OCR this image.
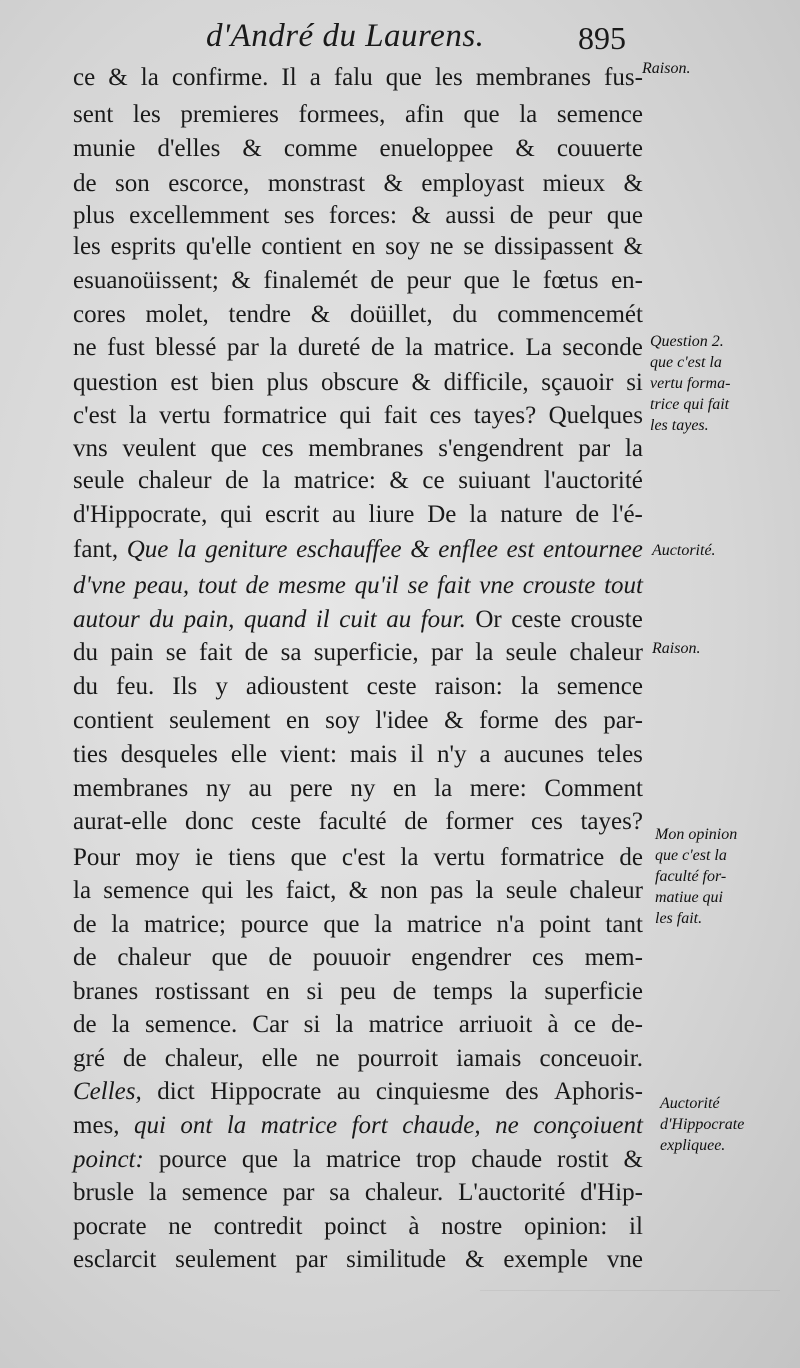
d'André du Laurens.	895
ce & la confirme. Il a falu que les membranes fus-
sent les premieres formees, afin que la semence
munie d'elles & comme enueloppee & couuerte
de son escorce, monstrast & employast mieux &
plus excellemment ses forces: & aussi de peur que
les esprits qu'elle contient en soy ne se dissipassent &
esuanoüissent; & finalemét de peur que le fœtus en-
cores molet, tendre & doüillet, du commencemét
ne fust blessé par la dureté de la matrice. La seconde
question est bien plus obscure & difficile, sçauoir si
c'est la vertu formatrice qui fait ces tayes? Quelques
vns veulent que ces membranes s'engendrent par la
seule chaleur de la matrice: & ce suiuant l'auctorité
d'Hippocrate, qui escrit au liure De la nature de l'é-
fant, Que la geniture eschauffee & enflee est entournee
d'vne peau, tout de mesme qu'il se fait vne crouste tout
autour du pain, quand il cuit au four. Or ceste crouste
du pain se fait de sa superficie, par la seule chaleur
du feu. Ils y adioustent ceste raison: la semence
contient seulement en soy l'idee & forme des par-
ties desqueles elle vient: mais il n'y a aucunes teles
membranes ny au pere ny en la mere: Comment
aurat-elle donc ceste faculté de former ces tayes?
Pour moy ie tiens que c'est la vertu formatrice de
la semence qui les faict, & non pas la seule chaleur
de la matrice; pource que la matrice n'a point tant
de chaleur que de pouuoir engendrer ces mem-
branes rostissant en si peu de temps la superficie
de la semence. Car si la matrice arriuoit à ce de-
gré de chaleur, elle ne pourroit iamais conceuoir.
Celles, dict Hippocrate au cinquiesme des Aphoris-
mes, qui ont la matrice fort chaude, ne conçoiuent
poinct: pource que la matrice trop chaude rostit &
brusle la semence par sa chaleur. L'auctorité d'Hip-
pocrate ne contredit poinct à nostre opinion: il
esclarcit seulement par similitude & exemple vne
Raison.
Question 2.
que c'est la
vertu forma-
trice qui fait
les tayes.
Auctorité.
Raison.
Mon opinion
que c'est la
faculté for-
matiue qui
les fait.
Auctorité
d'Hippocrate
expliquee.
